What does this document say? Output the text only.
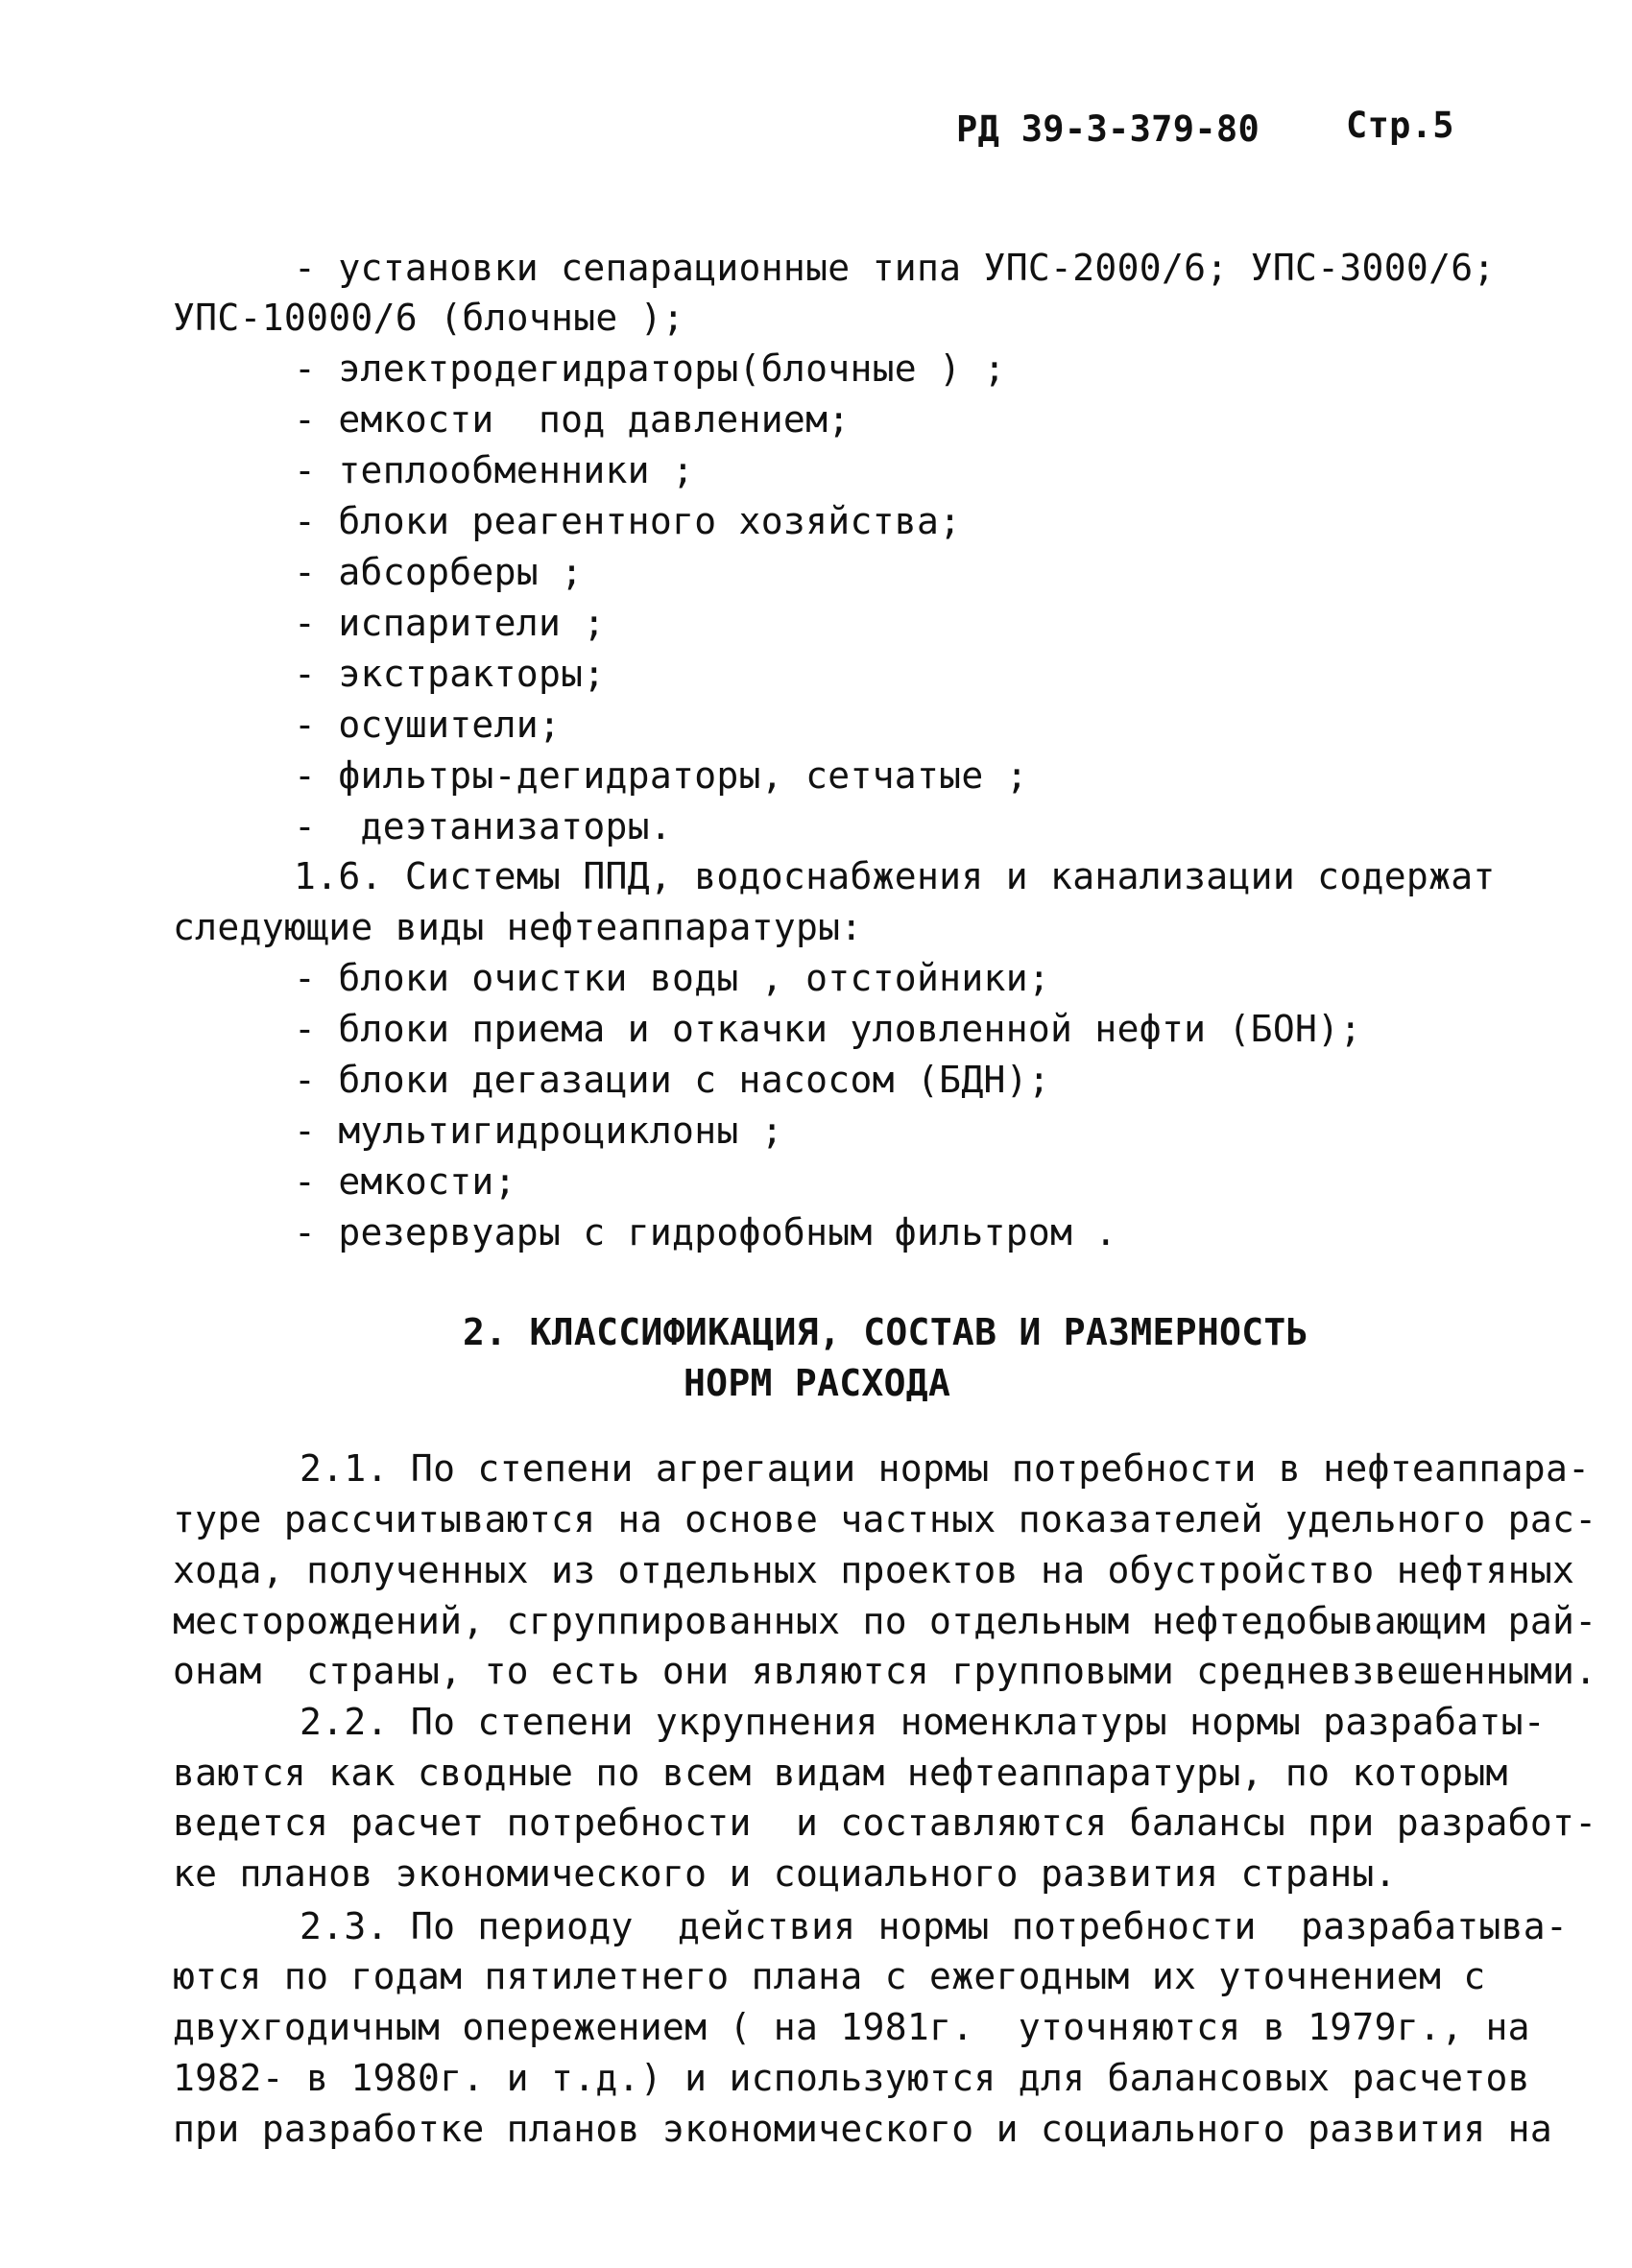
РД 39-3-379-80 Стр.5
- установки сепарационные типа УПС-2000/6; УПС-3000/6;
УПС-10000/6 (блочные );
- электродегидраторы(блочные ) ;
- емкости  под давлением;
- теплообменники ;
- блоки реагентного хозяйства;
- абсорберы ;
- испарители ;
- экстракторы;
- осушители;
- фильтры-дегидраторы, сетчатые ;
-  деэтанизаторы.
1.6. Системы ППД, водоснабжения и канализации содержат
следующие виды нефтеаппаратуры:
- блоки очистки воды , отстойники;
- блоки приема и откачки уловленной нефти (БОН);
- блоки дегазации с насосом (БДН);
- мультигидроциклоны ;
- емкости;
- резервуары с гидрофобным фильтром .
2. КЛАССИФИКАЦИЯ, СОСТАВ И РАЗМЕРНОСТЬ
НОРМ РАСХОДА
2.1. По степени агрегации нормы потребности в нефтеаппара-
туре рассчитываются на основе частных показателей удельного рас-
хода, полученных из отдельных проектов на обустройство нефтяных
месторождений, сгруппированных по отдельным нефтедобывающим рай-
онам  страны, то есть они являются групповыми средневзвешенными.
2.2. По степени укрупнения номенклатуры нормы разрабаты-
ваются как сводные по всем видам нефтеаппаратуры, по которым
ведется расчет потребности  и составляются балансы при разработ-
ке планов экономического и социального развития страны.
2.3. По периоду  действия нормы потребности  разрабатыва-
ются по годам пятилетнего плана с ежегодным их уточнением с
двухгодичным опережением ( на 1981г.  уточняются в 1979г., на
1982- в 1980г. и т.д.) и используются для балансовых расчетов
при разработке планов экономического и социального развития на
